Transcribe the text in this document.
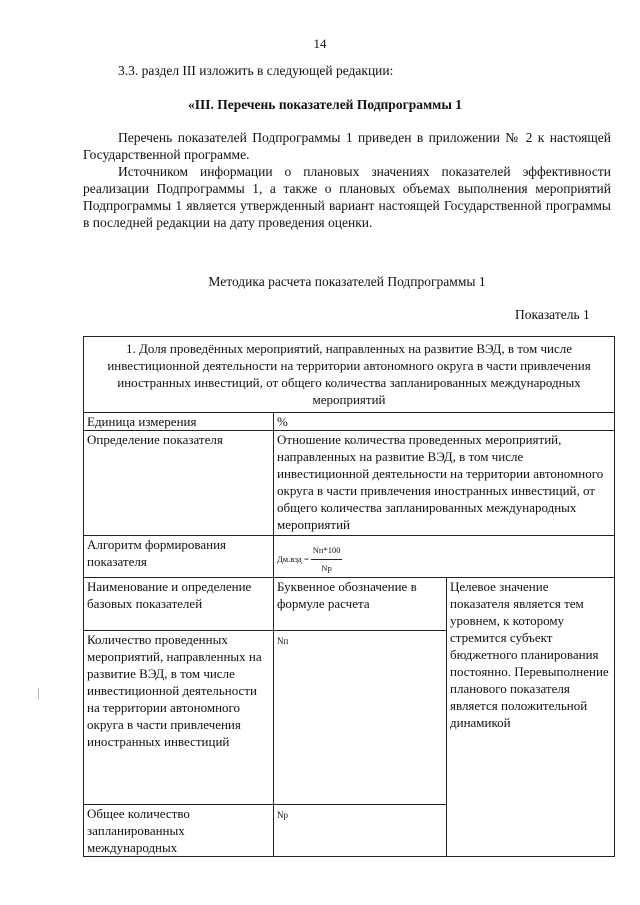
14
3.3. раздел III изложить в следующей редакции:
«III. Перечень показателей Подпрограммы 1
Перечень показателей Подпрограммы 1 приведен в приложении № 2 к настоящей Государственной программе.
Источником информации о плановых значениях показателей эффективности реализации Подпрограммы 1, а также о плановых объемах выполнения мероприятий Подпрограммы 1 является утвержденный вариант настоящей Государственной программы в последней редакции на дату проведения оценки.
Методика расчета показателей Подпрограммы 1
Показатель 1
1. Доля проведённых мероприятий, направленных на развитие ВЭД, в том числе инвестиционной деятельности на территории автономного округа в части привлечения иностранных инвестиций, от общего количества запланированных международных мероприятий		
Единица измерения	%	
Определение показателя	Отношение количества проведенных мероприятий, направленных на развитие ВЭД, в том числе инвестиционной деятельности на территории автономного округа в части привлечения иностранных инвестиций, от общего количества запланированных международных мероприятий	
Алгоритм формирования показателя	$Дм.вэд = \frac{Nп*100}{Nр}$

Наименование и определение базовых показателей	Буквенное обозначение в формуле расчета	Целевое значение показателя является тем уровнем, к которому стремится субъект бюджетного планирования постоянно. Перевыполнение планового показателя является положительной динамикой
Количество проведенных мероприятий, направленных на развитие ВЭД, в том числе инвестиционной деятельности на территории автономного округа в части привлечения иностранных инвестиций	Nп	
Общее количество запланированных международных	Nр	
